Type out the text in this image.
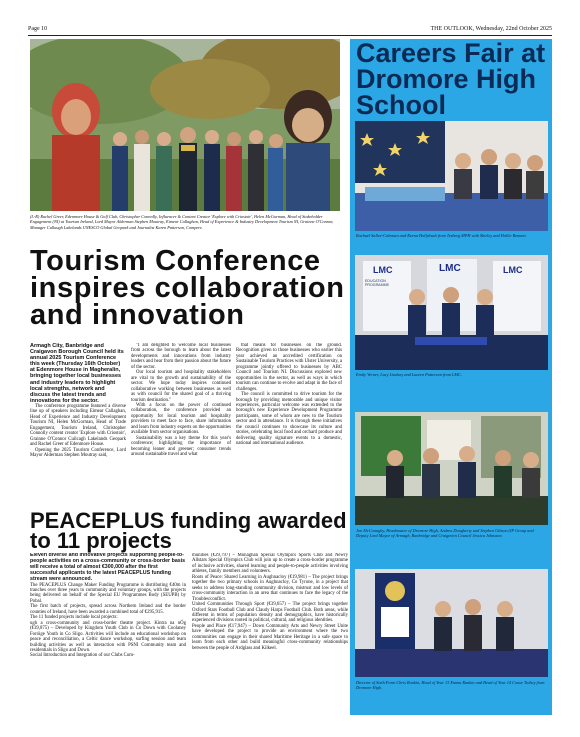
Page 10	THE OUTLOOK, Wednesday, 22nd October 2025
(L-R) Rachel Greer, Edenmore House & Golf Club, Christopher Connolly, Influencer & Content Creator 'Explore with Criostoir', Helen McGorman, Head of Stakeholder Engagement (NI) at Tourism Ireland, Lord Mayor Alderman Stephen Moutray, Eimear Callaghan, Head of Experience & Industry Development Tourism NI, Grainne O'Connor, Manager Cullaugh Lakelands UNESCO Global Geopark and Journalist Karen Patterson, Compere.
Tourism Conference inspires collaboration and innovation

Armagh City, Banbridge and Craigavon Borough Council held its annual 2025 Tourism Conference this week (Thursday 16th October) at Edenmore House in Magheralin, bringing together local businesses and industry leaders to highlight local strengths, network and discuss the latest trends and innovations for the sector.

The conference programme featured a diverse line up of speakers including Eimear Callaghan, Head of Experience and Industry Development Tourism NI, Helen McGorman, Head of Trade Engagement, Tourism Ireland, Christopher Connolly content creator 'Explore with Criostoir', Grainne O'Connor Cuilcagh Lakelands Geopark and Rachel Greer of Edenmore House.

Opening the 2025 Tourism Conference, Lord Mayor Alderman Stephen Moutray said,

"I am delighted to welcome local businesses from across the borough to learn about the latest developments and innovations from industry leaders and hear from their passion about the future of the sector.

Our local tourism and hospitality stakeholders are vital to the growth and sustainability of the sector. We hope today inspires continued collaborative working between businesses as well as with council for the shared goal of a thriving tourism destination."

With a focus on the power of continued collaboration, the conference provided an opportunity for local tourism and hospitality providers to meet face to face, share information and learn from industry experts on the opportunities available from sector organisations.

Sustainability was a key theme for this year's conference; highlighting the importance of becoming leaner and greener; consumer trends around sustainable travel and what

that means for businesses on the ground. Recognition given to those businesses who earlier this year achieved an accredited certification on Sustainable Tourism Practices with Ulster University, a programme jointly offered to businesses by ABC Council and Tourism NI. Discussions explored new opportunities in the sector, as well as ways in which tourism can continue to evolve and adapt in the face of challenges.

The council is committed to drive tourism for the borough by providing memorable and unique visitor experiences, particular welcome was extended to the borough's new Experience Development Programme participants, some of whom are new to the Tourism sector and in attendance. It is through these initiatives the council continues to showcase its culture and stories, celebrating local food and orchard produce and delivering quality signature events to a domestic, national and international audience.

Careers Fair at Dromore High School
Rachael Sallee-Coleman and Reena Hollybush from Tesberg MPH with Shirley and Hollie Bennett.
LMC	LMC	LMC
EDUCATION PROGRAMME
Emily Verner, Lucy Lindsay and Lauren Patterson from LMC.
Jon McConaghy, Headmaster of Dromore High, Andrea Dougherty and Stephen Gibson (IP Group and Deputy Lord Mayor of Armagh, Banbridge and Craigavon Council Jessica Johnston.
Director of Sixth Form Chris Rankin, Head of Year 13 Emma Rankin and Head of Year 14 Conor Toibey from Dromore High.
PEACEPLUS funding awarded to 11 projects

Eleven diverse and innovative projects supporting people-to-people activities on a cross-community or cross-border basis will receive a total of almost €300,000 after the first successful applicants to the latest PEACEPLUS funding stream were announced.

The PEACEPLUS Change Maker Funding Programme is distributing €40m in tranches over three years to community and voluntary groups, with the projects being delivered on behalf of the Special EU Programmes Body (SEUPB) by Pobal.

The first batch of projects, spread across Northern Ireland and the border counties of Ireland, have been awarded a combined total of €295,915.

The 11 funded projects include local projects:

ugh a cross-community and cross-border theatre project. Kintra na nÓg (€39,875) – Developed by Kingdom Youth Club in Co Down with Coolaney Foróige Youth in Co Sligo. Activities will include an educational workshop on peace and reconciliation, a Celtic dance workshop, surfing session and team building activities as well as interaction with PSNI Community team and residentials in Sligo and Down.

Social Introduction and Integration of our Clubs Com-

munities (€29,797) – Monaghan Special Olympics Sports Club and Newry Allstars Special Olympics Club will join up to create a cross-border programme of inclusive activities, shared learning and people-to-people activities involving athletes, family members and volunteers.

Roots of Peace: Shared Learning in Aughnacloy (€19,981) – The project brings together the two primary schools in Aughnacloy, Co Tyrone, in a project that seeks to address long-standing community division, mistrust and low levels of cross-community interaction in an area that continues to face the legacy of the Troubles/conflict.

United Communities Through Sport (€39,657) – The project brings together Oxford Stars Football Club and Claudy Harps Football Club. Both areas, while different in terms of population density and demographics, have historically experienced divisions rooted in political, cultural, and religious identities.

People and Place (€17,947) – Down Community Arts and Newry Street Unite have developed the project to provide an environment where the two communities can engage in their shared Maritime Heritage in a safe space to learn from each other and build meaningful cross-community relationships between the people of Ardglass and Kilkeel.
